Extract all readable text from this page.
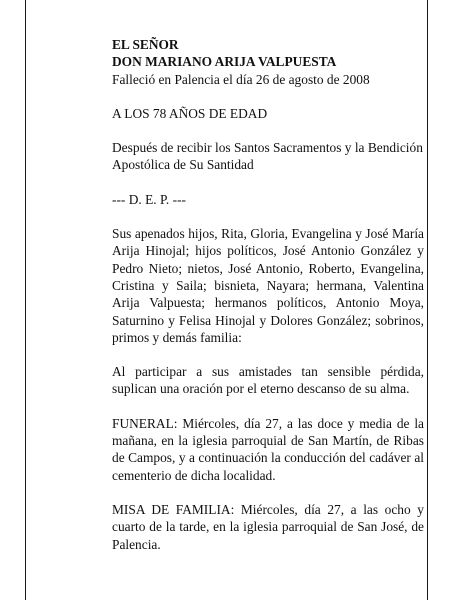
EL SEÑOR
DON MARIANO ARIJA VALPUESTA
Falleció en Palencia el día 26 de agosto de 2008

A LOS 78 AÑOS DE EDAD

Después de recibir los Santos Sacramentos y la Bendición Apostólica de Su Santidad

--- D. E. P. ---

Sus apenados hijos, Rita, Gloria, Evangelina y José María Arija Hinojal; hijos políticos, José Antonio González y Pedro Nieto; nietos, José Antonio, Roberto, Evangelina, Cristina y Saila; bisnieta, Nayara; hermana, Valentina Arija Valpuesta; hermanos políticos, Antonio Moya, Saturnino y Felisa Hinojal y Dolores González; sobrinos, primos y demás familia:

Al participar a sus amistades tan sensible pérdida, suplican una oración por el eterno descanso de su alma.

FUNERAL: Miércoles, día 27, a las doce y media de la mañana, en la iglesia parroquial de San Martín, de Ribas de Campos, y a continuación la conducción del cadáver al cementerio de dicha localidad.

MISA DE FAMILIA: Miércoles, día 27, a las ocho y cuarto de la tarde, en la iglesia parroquial de San José, de Palencia.
